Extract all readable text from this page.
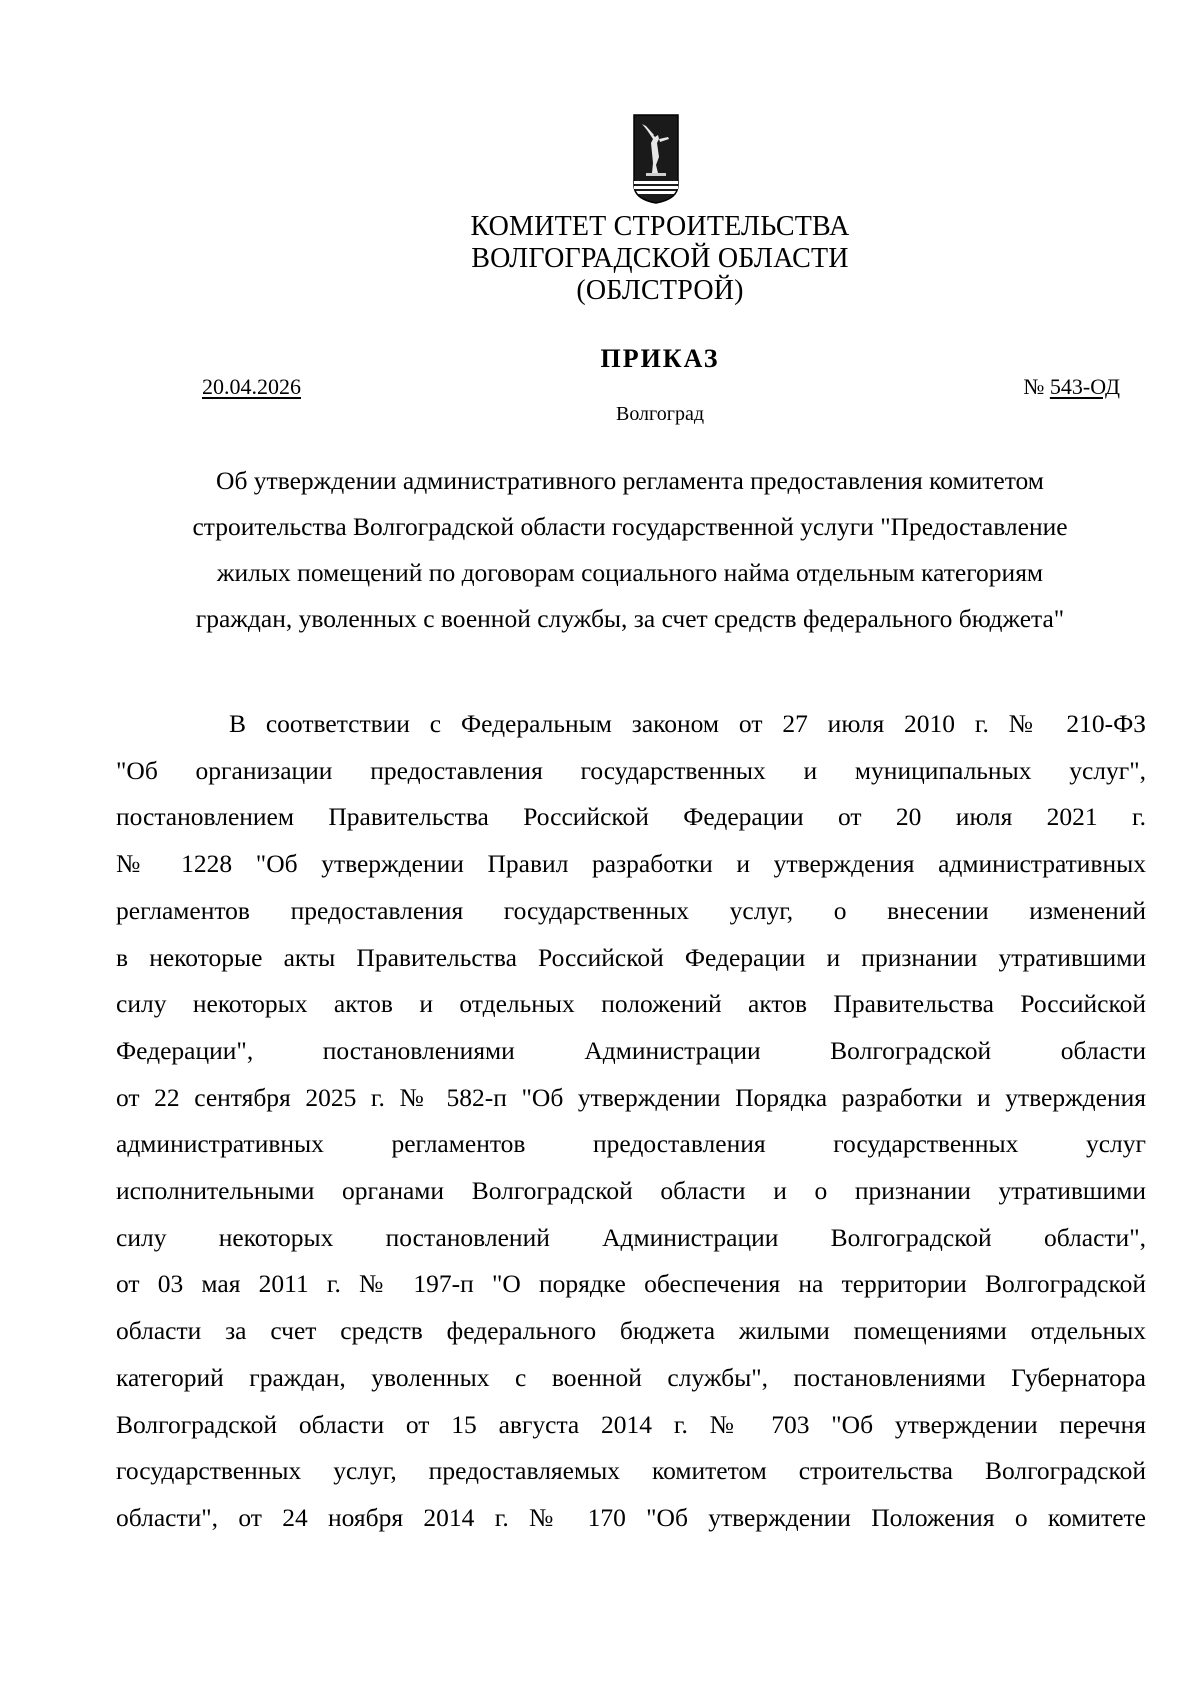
КОМИТЕТ СТРОИТЕЛЬСТВА
ВОЛГОГРАДСКОЙ ОБЛАСТИ
(ОБЛСТРОЙ)
ПРИКАЗ
20.04.2026	№ 543-ОД
Волгоград
Об утверждении административного регламента предоставления комитетом
строительства Волгоградской области государственной услуги "Предоставление
жилых помещений по договорам социального найма отдельным категориям
граждан, уволенных с военной службы, за счет средств федерального бюджета"
В соответствии с Федеральным законом от 27 июля 2010 г. № 210-ФЗ
"Об организации предоставления государственных и муниципальных услуг",
постановлением Правительства Российской Федерации от 20 июля 2021 г.
№ 1228 "Об утверждении Правил разработки и утверждения административных
регламентов предоставления государственных услуг, о внесении изменений
в некоторые акты Правительства Российской Федерации и признании утратившими
силу некоторых актов и отдельных положений актов Правительства Российской
Федерации", постановлениями Администрации Волгоградской области
от 22 сентября 2025 г. № 582-п "Об утверждении Порядка разработки и утверждения
административных регламентов предоставления государственных услуг
исполнительными органами Волгоградской области и о признании утратившими
силу некоторых постановлений Администрации Волгоградской области",
от 03 мая 2011 г. № 197-п "О порядке обеспечения на территории Волгоградской
области за счет средств федерального бюджета жилыми помещениями отдельных
категорий граждан, уволенных с военной службы", постановлениями Губернатора
Волгоградской области от 15 августа 2014 г. № 703 "Об утверждении перечня
государственных услуг, предоставляемых комитетом строительства Волгоградской
области", от 24 ноября 2014 г. № 170 "Об утверждении Положения о комитете
